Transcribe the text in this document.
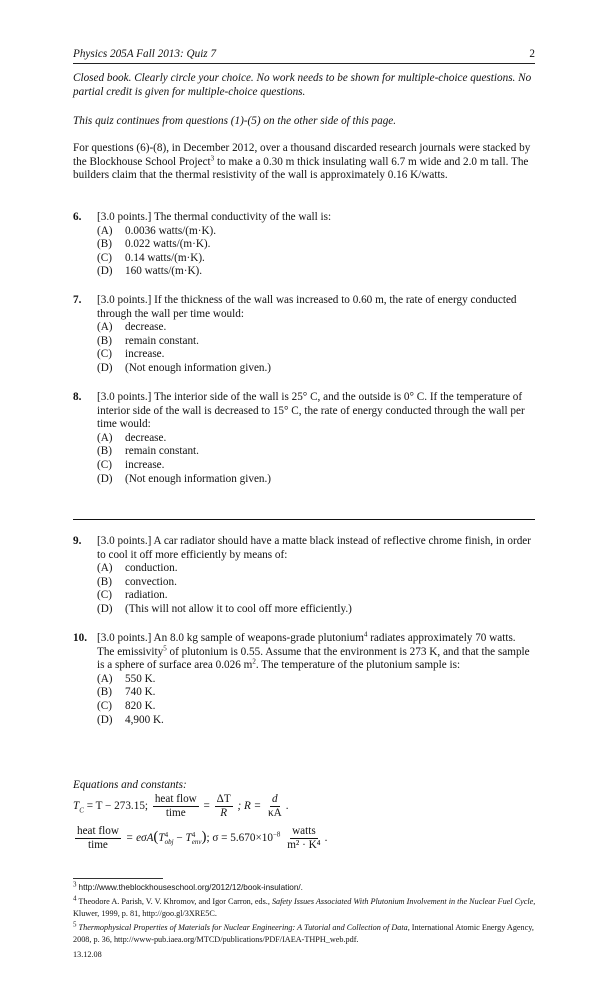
Physics 205A Fall 2013: Quiz 7	2
Closed book. Clearly circle your choice. No work needs to be shown for multiple-choice questions. No partial credit is given for multiple-choice questions.
This quiz continues from questions (1)-(5) on the other side of this page.
For questions (6)-(8), in December 2012, over a thousand discarded research journals were stacked by the Blockhouse School Project$^3$ to make a 0.30 m thick insulating wall 6.7 m wide and 2.0 m tall. The builders claim that the thermal resistivity of the wall is approximately 0.16 K/watts.
6. [3.0 points.] The thermal conductivity of the wall is:

(A)	0.0036 watts/(m·K).
(B)	0.022 watts/(m·K).
(C)	0.14 watts/(m·K).
(D)	160 watts/(m·K).
7. [3.0 points.] If the thickness of the wall was increased to 0.60 m, the rate of energy conducted through the wall per time would:

(A)	decrease.
(B)	remain constant.
(C)	increase.
(D)	(Not enough information given.)
8. [3.0 points.] The interior side of the wall is 25° C, and the outside is 0° C. If the temperature of interior side of the wall is decreased to 15° C, the rate of energy conducted through the wall per time would:

(A)	decrease.
(B)	remain constant.
(C)	increase.
(D)	(Not enough information given.)
9. [3.0 points.] A car radiator should have a matte black instead of reflective chrome finish, in order to cool it off more efficiently by means of:

(A)	conduction.
(B)	convection.
(C)	radiation.
(D)	(This will not allow it to cool off more efficiently.)
10. [3.0 points.] An 8.0 kg sample of weapons-grade plutonium$^4$ radiates approximately 70 watts. The emissivity$^5$ of plutonium is 0.55. Assume that the environment is 273 K, and that the sample is a sphere of surface area 0.026 $m^2$. The temperature of the plutonium sample is:

(A)	550 K.
(B)	740 K.
(C)	820 K.
(D)	4,900 K.
Equations and constants:
$T_C = T - 273.15$; $\frac{\text{heat flow}}{\text{time}} = \frac{\Delta T}{R}$ ; $R = \frac{d}{\kappa A}$ .
$\frac{\text{heat flow}}{\text{time}} = e\sigma A(T$ 4
obj − T 4
env ); $\sigma = 5.670\times 10^{-8} \frac{\text{watts}}{\text{m² · K⁴}}$ .
$^3$ http://www.theblockhouseschool.org/2012/12/book-insulation/.
$^4$ Theodore A. Parish, V. V. Khromov, and Igor Carron, eds., Safety Issues Associated With Plutonium Involvement in the Nuclear Fuel Cycle, Kluwer, 1999, p. 81, http://goo.gl/3XRE5C.
$^5$ Thermophysical Properties of Materials for Nuclear Engineering: A Tutorial and Collection of Data, International Atomic Energy Agency, 2008, p. 36, http://www-pub.iaea.org/MTCD/publications/PDF/IAEA-THPH_web.pdf.
13.12.08
